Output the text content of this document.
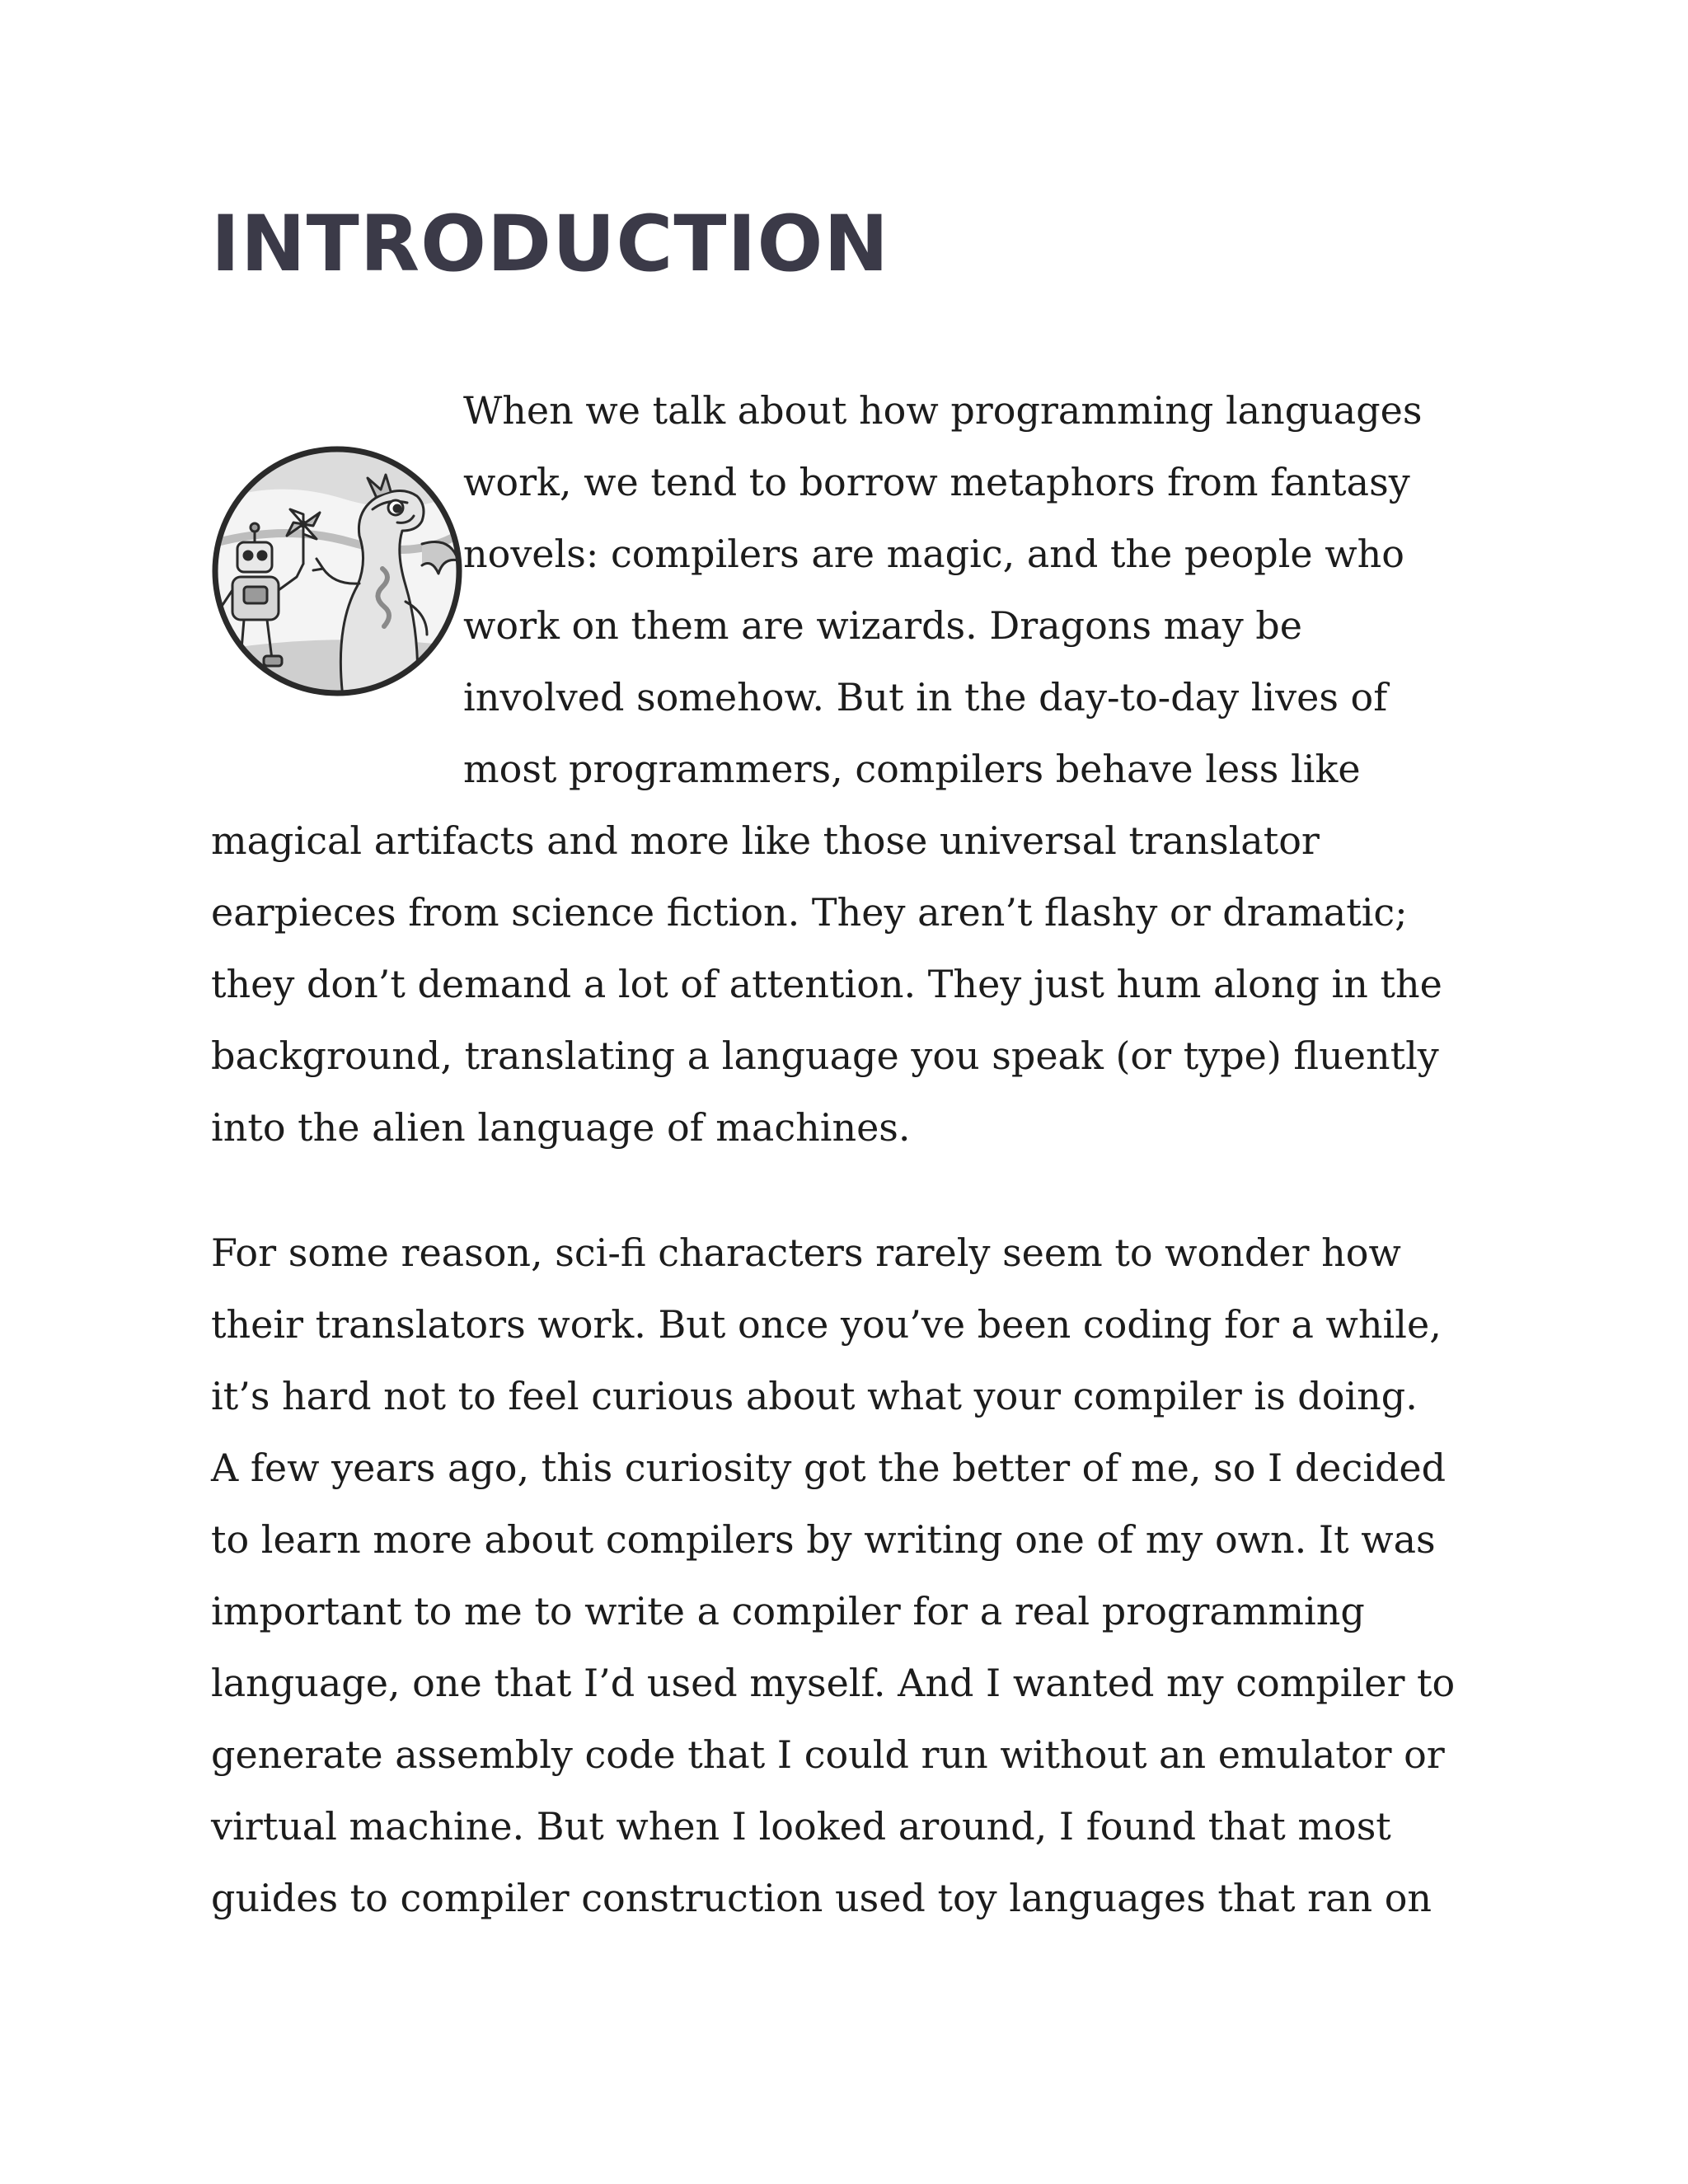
INTRODUCTION
When we talk about how programming languages
work, we tend to borrow metaphors from fantasy
novels: compilers are magic, and the people who
work on them are wizards. Dragons may be
involved somehow. But in the day-to-day lives of
most programmers, compilers behave less like
magical artifacts and more like those universal translator
earpieces from science fiction. They aren’t flashy or dramatic;
they don’t demand a lot of attention. They just hum along in the
background, translating a language you speak (or type) fluently
into the alien language of machines.
For some reason, sci-fi characters rarely seem to wonder how
their translators work. But once you’ve been coding for a while,
it’s hard not to feel curious about what your compiler is doing.
A few years ago, this curiosity got the better of me, so I decided
to learn more about compilers by writing one of my own. It was
important to me to write a compiler for a real programming
language, one that I’d used myself. And I wanted my compiler to
generate assembly code that I could run without an emulator or
virtual machine. But when I looked around, I found that most
guides to compiler construction used toy languages that ran on
